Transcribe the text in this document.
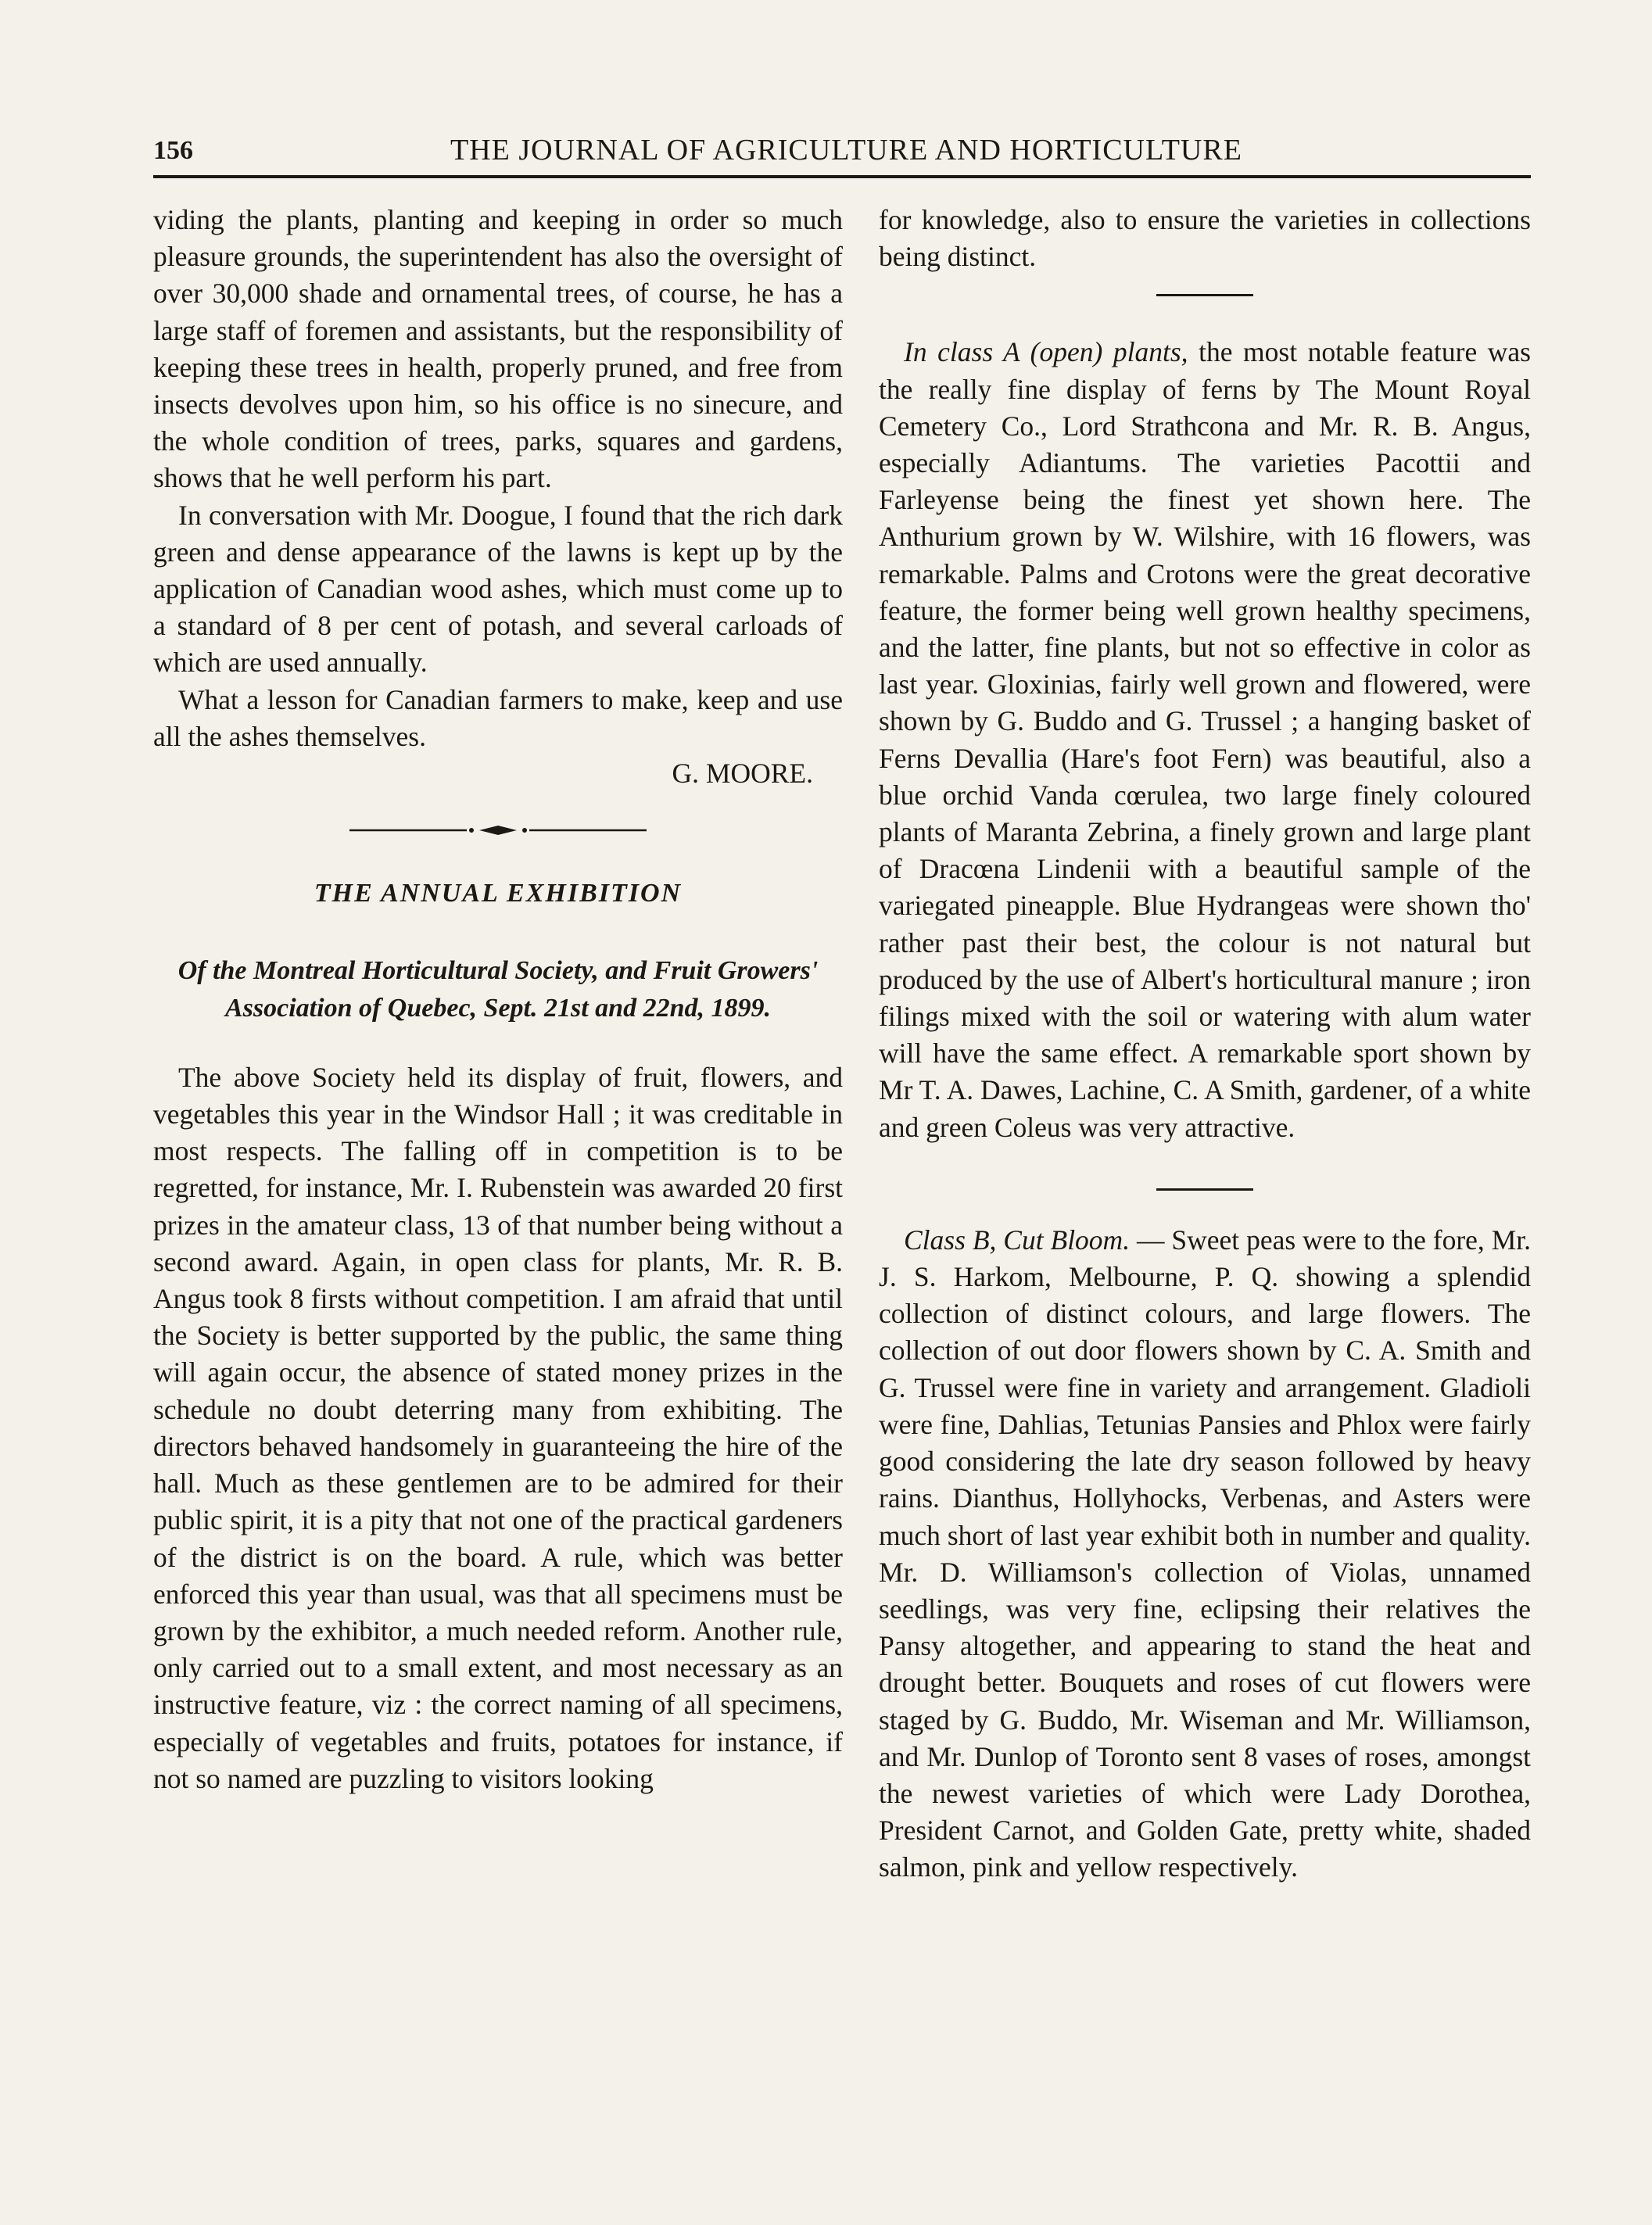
156	THE JOURNAL OF AGRICULTURE AND HORTICULTURE

viding the plants, planting and keeping in order so much pleasure grounds, the superintendent has also the oversight of over 30,000 shade and ornamental trees, of course, he has a large staff of foremen and assistants, but the responsibility of keeping these trees in health, properly pruned, and free from insects devolves upon him, so his office is no sinecure, and the whole condition of trees, parks, squares and gardens, shows that he well perform his part.

In conversation with Mr. Doogue, I found that the rich dark green and dense appearance of the lawns is kept up by the application of Canadian wood ashes, which must come up to a standard of 8 per cent of potash, and several carloads of which are used annually.

What a lesson for Canadian farmers to make, keep and use all the ashes themselves.

G. MOORE.

THE ANNUAL EXHIBITION

Of the Montreal Horticultural Society, and Fruit Growers' Association of Quebec, Sept. 21st and 22nd, 1899.

The above Society held its display of fruit, flowers, and vegetables this year in the Windsor Hall ; it was creditable in most respects. The falling off in competition is to be regretted, for instance, Mr. I. Rubenstein was awarded 20 first prizes in the amateur class, 13 of that number being without a second award. Again, in open class for plants, Mr. R. B. Angus took 8 firsts without competition. I am afraid that until the Society is better supported by the public, the same thing will again occur, the absence of stated money prizes in the schedule no doubt deterring many from exhibiting. The directors behaved handsomely in guaranteeing the hire of the hall. Much as these gentlemen are to be admired for their public spirit, it is a pity that not one of the practical gardeners of the district is on the board. A rule, which was better enforced this year than usual, was that all specimens must be grown by the exhibitor, a much needed reform. Another rule, only carried out to a small extent, and most necessary as an instructive feature, viz : the correct naming of all specimens, especially of vegetables and fruits, potatoes for instance, if not so named are puzzling to visitors looking

for knowledge, also to ensure the varieties in collections being distinct.

In class A (open) plants, the most notable feature was the really fine display of ferns by The Mount Royal Cemetery Co., Lord Strathcona and Mr. R. B. Angus, especially Adiantums. The varieties Pacottii and Farleyense being the finest yet shown here. The Anthurium grown by W. Wilshire, with 16 flowers, was remarkable. Palms and Crotons were the great decorative feature, the former being well grown healthy specimens, and the latter, fine plants, but not so effective in color as last year. Gloxinias, fairly well grown and flowered, were shown by G. Buddo and G. Trussel ; a hanging basket of Ferns Devallia (Hare's foot Fern) was beautiful, also a blue orchid Vanda cœrulea, two large finely coloured plants of Maranta Zebrina, a finely grown and large plant of Dracœna Lindenii with a beautiful sample of the variegated pineapple. Blue Hydrangeas were shown tho' rather past their best, the colour is not natural but produced by the use of Albert's horticultural manure ; iron filings mixed with the soil or watering with alum water will have the same effect. A remarkable sport shown by Mr T. A. Dawes, Lachine, C. A Smith, gardener, of a white and green Coleus was very attractive.

Class B, Cut Bloom. — Sweet peas were to the fore, Mr. J. S. Harkom, Melbourne, P. Q. showing a splendid collection of distinct colours, and large flowers. The collection of out door flowers shown by C. A. Smith and G. Trussel were fine in variety and arrangement. Gladioli were fine, Dahlias, Tetunias Pansies and Phlox were fairly good considering the late dry season followed by heavy rains. Dianthus, Hollyhocks, Verbenas, and Asters were much short of last year exhibit both in number and quality. Mr. D. Williamson's collection of Violas, unnamed seedlings, was very fine, eclipsing their relatives the Pansy altogether, and appearing to stand the heat and drought better. Bouquets and roses of cut flowers were staged by G. Buddo, Mr. Wiseman and Mr. Williamson, and Mr. Dunlop of Toronto sent 8 vases of roses, amongst the newest varieties of which were Lady Dorothea, President Carnot, and Golden Gate, pretty white, shaded salmon, pink and yellow respectively.
